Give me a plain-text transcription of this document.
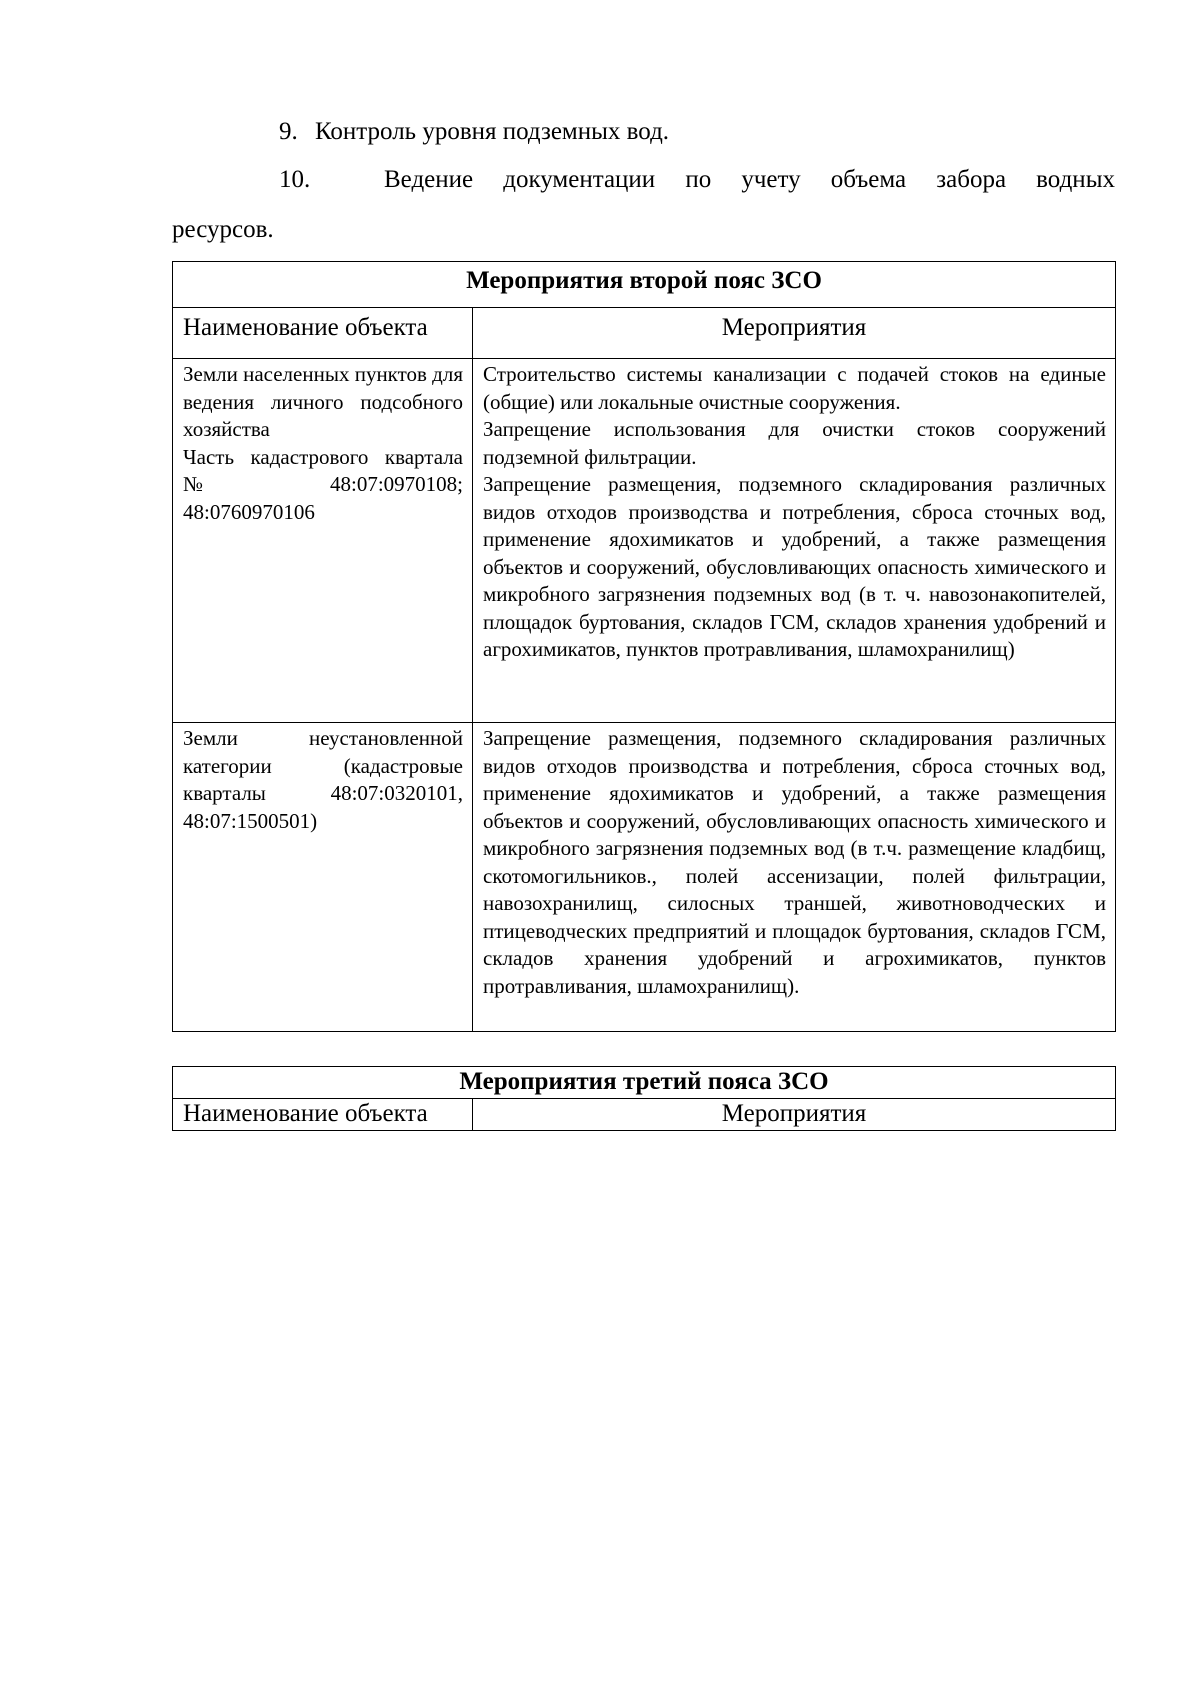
9. Контроль уровня подземных вод.
10.	Ведение документации по учету объема забора водных
ресурсов.
Мероприятия второй пояс ЗСО	
Наименование объекта	Мероприятия

Земли населенных пунктов для ведения личного подсобного хозяйства
Часть кадастрового квартала № 48:07:0970108; 48:0760970106	Строительство системы канализации с подачей стоков на единые (общие) или локальные очистные сооружения.
Запрещение использования для очистки стоков сооружений подземной фильтрации.
Запрещение размещения, подземного складирования различных видов отходов производства и потребления, сброса сточных вод, применение ядохимикатов и удобрений, а также размещения объектов и сооружений, обусловливающих опасность химического и микробного загрязнения подземных вод (в т. ч. навозонакопителей, площадок буртования, складов ГСМ, складов хранения удобрений и агрохимикатов, пунктов протравливания, шламохранилищ)

Земли неустановленной категории (кадастровые кварталы 48:07:0320101, 48:07:1500501)	Запрещение размещения, подземного складирования различных видов отходов производства и потребления, сброса сточных вод, применение ядохимикатов и удобрений, а также размещения объектов и сооружений, обусловливающих опасность химического и микробного загрязнения подземных вод (в т.ч. размещение кладбищ, скотомогильников., полей ассенизации, полей фильтрации, навозохранилищ, силосных траншей, животноводческих и птицеводческих предприятий и площадок буртования, складов ГСМ, складов хранения удобрений и агрохимикатов, пунктов протравливания, шламохранилищ).
Мероприятия третий пояса ЗСО
Наименование объекта	Мероприятия
